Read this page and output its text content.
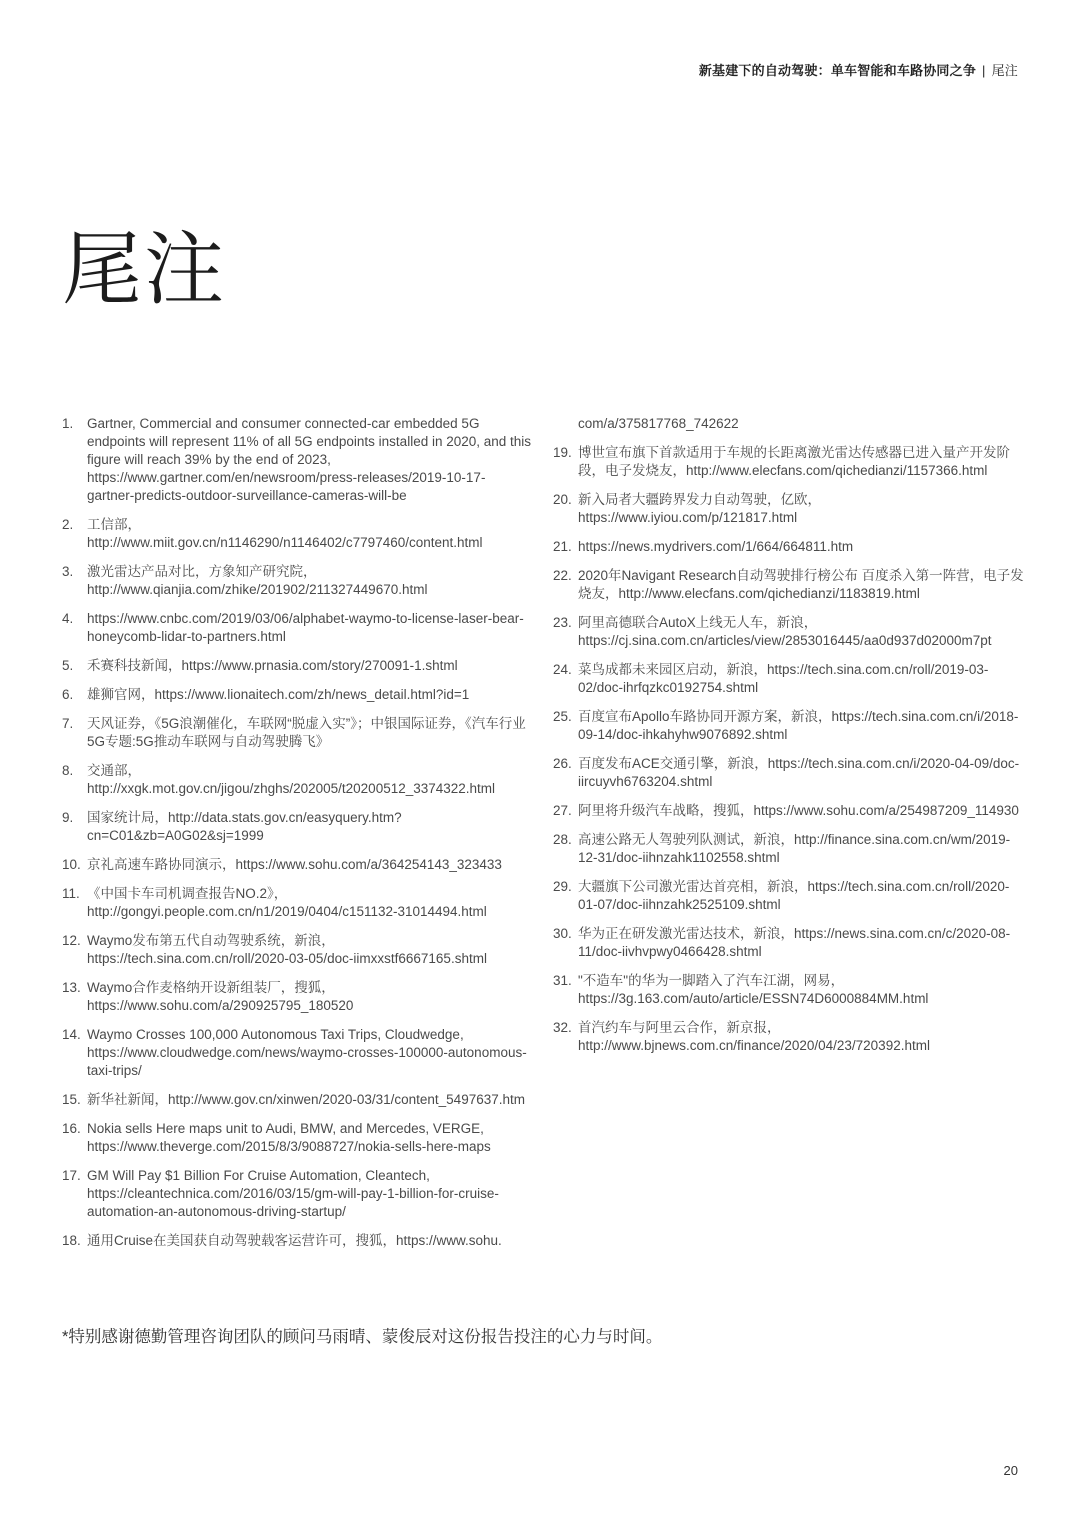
新基建下的自动驾驶：单车智能和车路协同之争 | 尾注
尾注
1.	Gartner, Commercial and consumer connected-car embedded 5G endpoints will represent 11% of all 5G endpoints installed in 2020, and this figure will reach 39% by the end of 2023, https://www.gartner.com/en/newsroom/press-releases/2019-10-17-gartner-predicts-outdoor-surveillance-cameras-will-be
2.	工信部，http://www.miit.gov.cn/n1146290/n1146402/c7797460/content.html
3.	激光雷达产品对比，方象知产研究院，http://www.qianjia.com/zhike/201902/211327449670.html
4.	https://www.cnbc.com/2019/03/06/alphabet-waymo-to-license-laser-bear-honeycomb-lidar-to-partners.html
5.	禾赛科技新闻，https://www.prnasia.com/story/270091-1.shtml
6.	雄狮官网，https://www.lionaitech.com/zh/news_detail.html?id=1
7.	天风证券，《5G浪潮催化，车联网“脱虚入实”》；中银国际证券，《汽车行业5G专题:5G推动车联网与自动驾驶腾飞》
8.	交通部，http://xxgk.mot.gov.cn/jigou/zhghs/202005/t20200512_3374322.html
9.	国家统计局，http://data.stats.gov.cn/easyquery.htm?cn=C01&zb=A0G02&sj=1999
10. 京礼高速车路协同演示，https://www.sohu.com/a/364254143_323433
11. 《中国卡车司机调查报告NO.2》，http://gongyi.people.com.cn/n1/2019/0404/c151132-31014494.html
12. Waymo发布第五代自动驾驶系统，新浪，https://tech.sina.com.cn/roll/2020-03-05/doc-iimxxstf6667165.shtml
13. Waymo合作麦格纳开设新组装厂，搜狐，https://www.sohu.com/a/290925795_180520
14. Waymo Crosses 100,000 Autonomous Taxi Trips, Cloudwedge, https://www.cloudwedge.com/news/waymo-crosses-100000-autonomous-taxi-trips/
15. 新华社新闻，http://www.gov.cn/xinwen/2020-03/31/content_5497637.htm
16. Nokia sells Here maps unit to Audi, BMW, and Mercedes, VERGE, https://www.theverge.com/2015/8/3/9088727/nokia-sells-here-maps
17. GM Will Pay $1 Billion For Cruise Automation, Cleantech, https://cleantechnica.com/2016/03/15/gm-will-pay-1-billion-for-cruise-automation-an-autonomous-driving-startup/
18. 通用Cruise在美国获自动驾驶载客运营许可，搜狐，https://www.sohu.
com/a/375817768_742622
19. 博世宣布旗下首款适用于车规的长距离激光雷达传感器已进入量产开发阶段，电子发烧友，http://www.elecfans.com/qichedianzi/1157366.html
20. 新入局者大疆跨界发力自动驾驶，亿欧，https://www.iyiou.com/p/121817.html
21. https://news.mydrivers.com/1/664/664811.htm
22. 2020年Navigant Research自动驾驶排行榜公布 百度杀入第一阵营，电子发烧友，http://www.elecfans.com/qichedianzi/1183819.html
23. 阿里高德联合AutoX上线无人车，新浪，https://cj.sina.com.cn/articles/view/2853016445/aa0d937d02000m7pt
24. 菜鸟成都未来园区启动，新浪，https://tech.sina.com.cn/roll/2019-03-02/doc-ihrfqzkc0192754.shtml
25. 百度宣布Apollo车路协同开源方案，新浪，https://tech.sina.com.cn/i/2018-09-14/doc-ihkahyhw9076892.shtml
26. 百度发布ACE交通引擎，新浪，https://tech.sina.com.cn/i/2020-04-09/doc-iircuyvh6763204.shtml
27. 阿里将升级汽车战略，搜狐，https://www.sohu.com/a/254987209_114930
28. 高速公路无人驾驶列队测试，新浪，http://finance.sina.com.cn/wm/2019-12-31/doc-iihnzahk1102558.shtml
29. 大疆旗下公司激光雷达首亮相，新浪，https://tech.sina.com.cn/roll/2020-01-07/doc-iihnzahk2525109.shtml
30. 华为正在研发激光雷达技术，新浪，https://news.sina.com.cn/c/2020-08-11/doc-iivhvpwy0466428.shtml
31. "不造车"的华为一脚踏入了汽车江湖，网易，https://3g.163.com/auto/article/ESSN74D6000884MM.html
32. 首汽约车与阿里云合作，新京报，http://www.bjnews.com.cn/finance/2020/04/23/720392.html
*特别感谢德勤管理咨询团队的顾问马雨晴、蒙俊辰对这份报告投注的心力与时间。
20
